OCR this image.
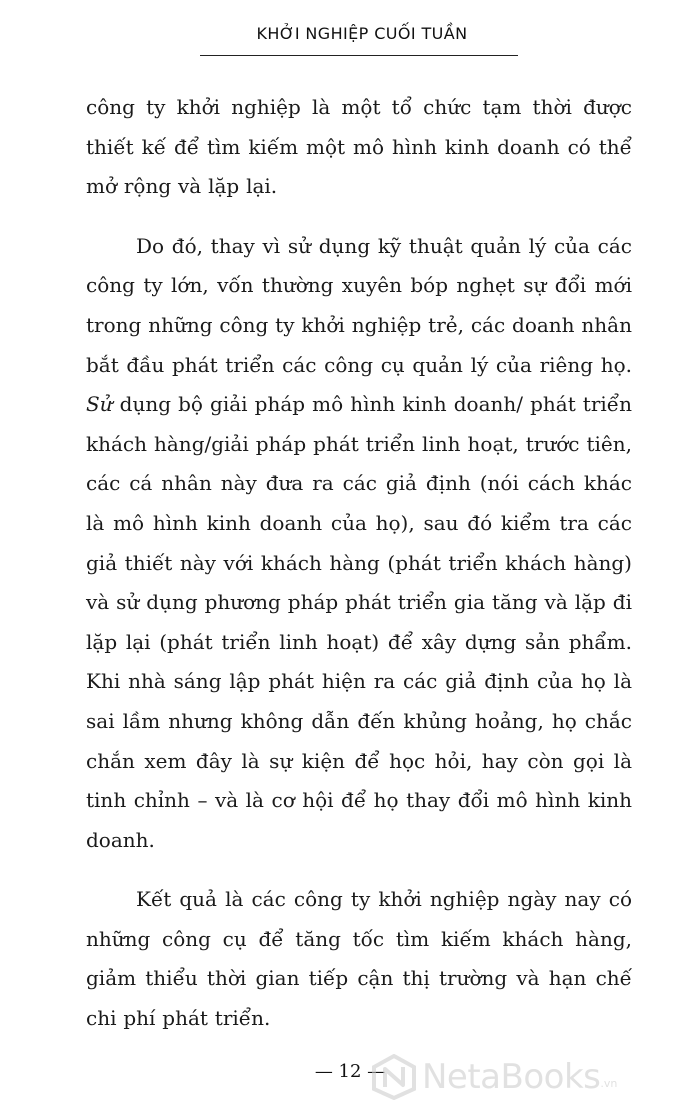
KHỞI NGHIỆP CUỐI TUẦN

công ty khởi nghiệp là một tổ chức tạm thời được thiết kế để tìm kiếm một mô hình kinh doanh có thể mở rộng và lặp lại.

Do đó, thay vì sử dụng kỹ thuật quản lý của các công ty lớn, vốn thường xuyên bóp nghẹt sự đổi mới trong những công ty khởi nghiệp trẻ, các doanh nhân bắt đầu phát triển các công cụ quản lý của riêng họ. Sử dụng bộ giải pháp mô hình kinh doanh/ phát triển khách hàng/giải pháp phát triển linh hoạt, trước tiên, các cá nhân này đưa ra các giả định (nói cách khác là mô hình kinh doanh của họ), sau đó kiểm tra các giả thiết này với khách hàng (phát triển khách hàng) và sử dụng phương pháp phát triển gia tăng và lặp đi lặp lại (phát triển linh hoạt) để xây dựng sản phẩm. Khi nhà sáng lập phát hiện ra các giả định của họ là sai lầm nhưng không dẫn đến khủng hoảng, họ chắc chắn xem đây là sự kiện để học hỏi, hay còn gọi là tinh chỉnh – và là cơ hội để họ thay đổi mô hình kinh doanh.

Kết quả là các công ty khởi nghiệp ngày nay có những công cụ để tăng tốc tìm kiếm khách hàng, giảm thiểu thời gian tiếp cận thị trường và hạn chế chi phí phát triển.

— 12 —	NetaBooks .vn
